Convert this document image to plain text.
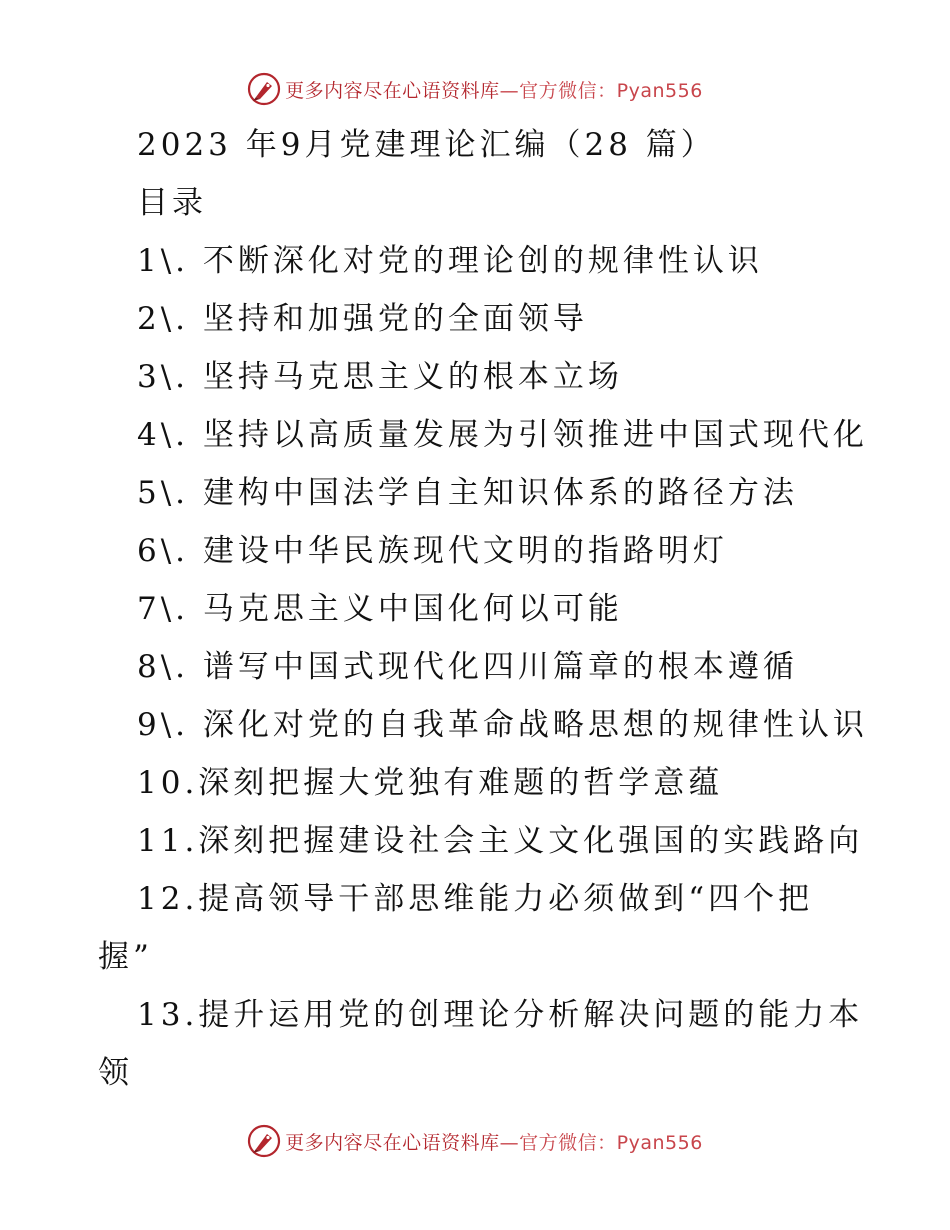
更多内容尽在心语资料库—官方微信：Pyan556
2023 年9月党建理论汇编（28 篇）
目录
1\. 不断深化对党的理论创的规律性认识
2\. 坚持和加强党的全面领导
3\. 坚持马克思主义的根本立场
4\. 坚持以高质量发展为引领推进中国式现代化
5\. 建构中国法学自主知识体系的路径方法
6\. 建设中华民族现代文明的指路明灯
7\. 马克思主义中国化何以可能
8\. 谱写中国式现代化四川篇章的根本遵循
9\. 深化对党的自我革命战略思想的规律性认识
10.深刻把握大党独有难题的哲学意蕴
11.深刻把握建设社会主义文化强国的实践路向
12.提高领导干部思维能力必须做到“四个把
握”
13.提升运用党的创理论分析解决问题的能力本
领
更多内容尽在心语资料库—官方微信：Pyan556
